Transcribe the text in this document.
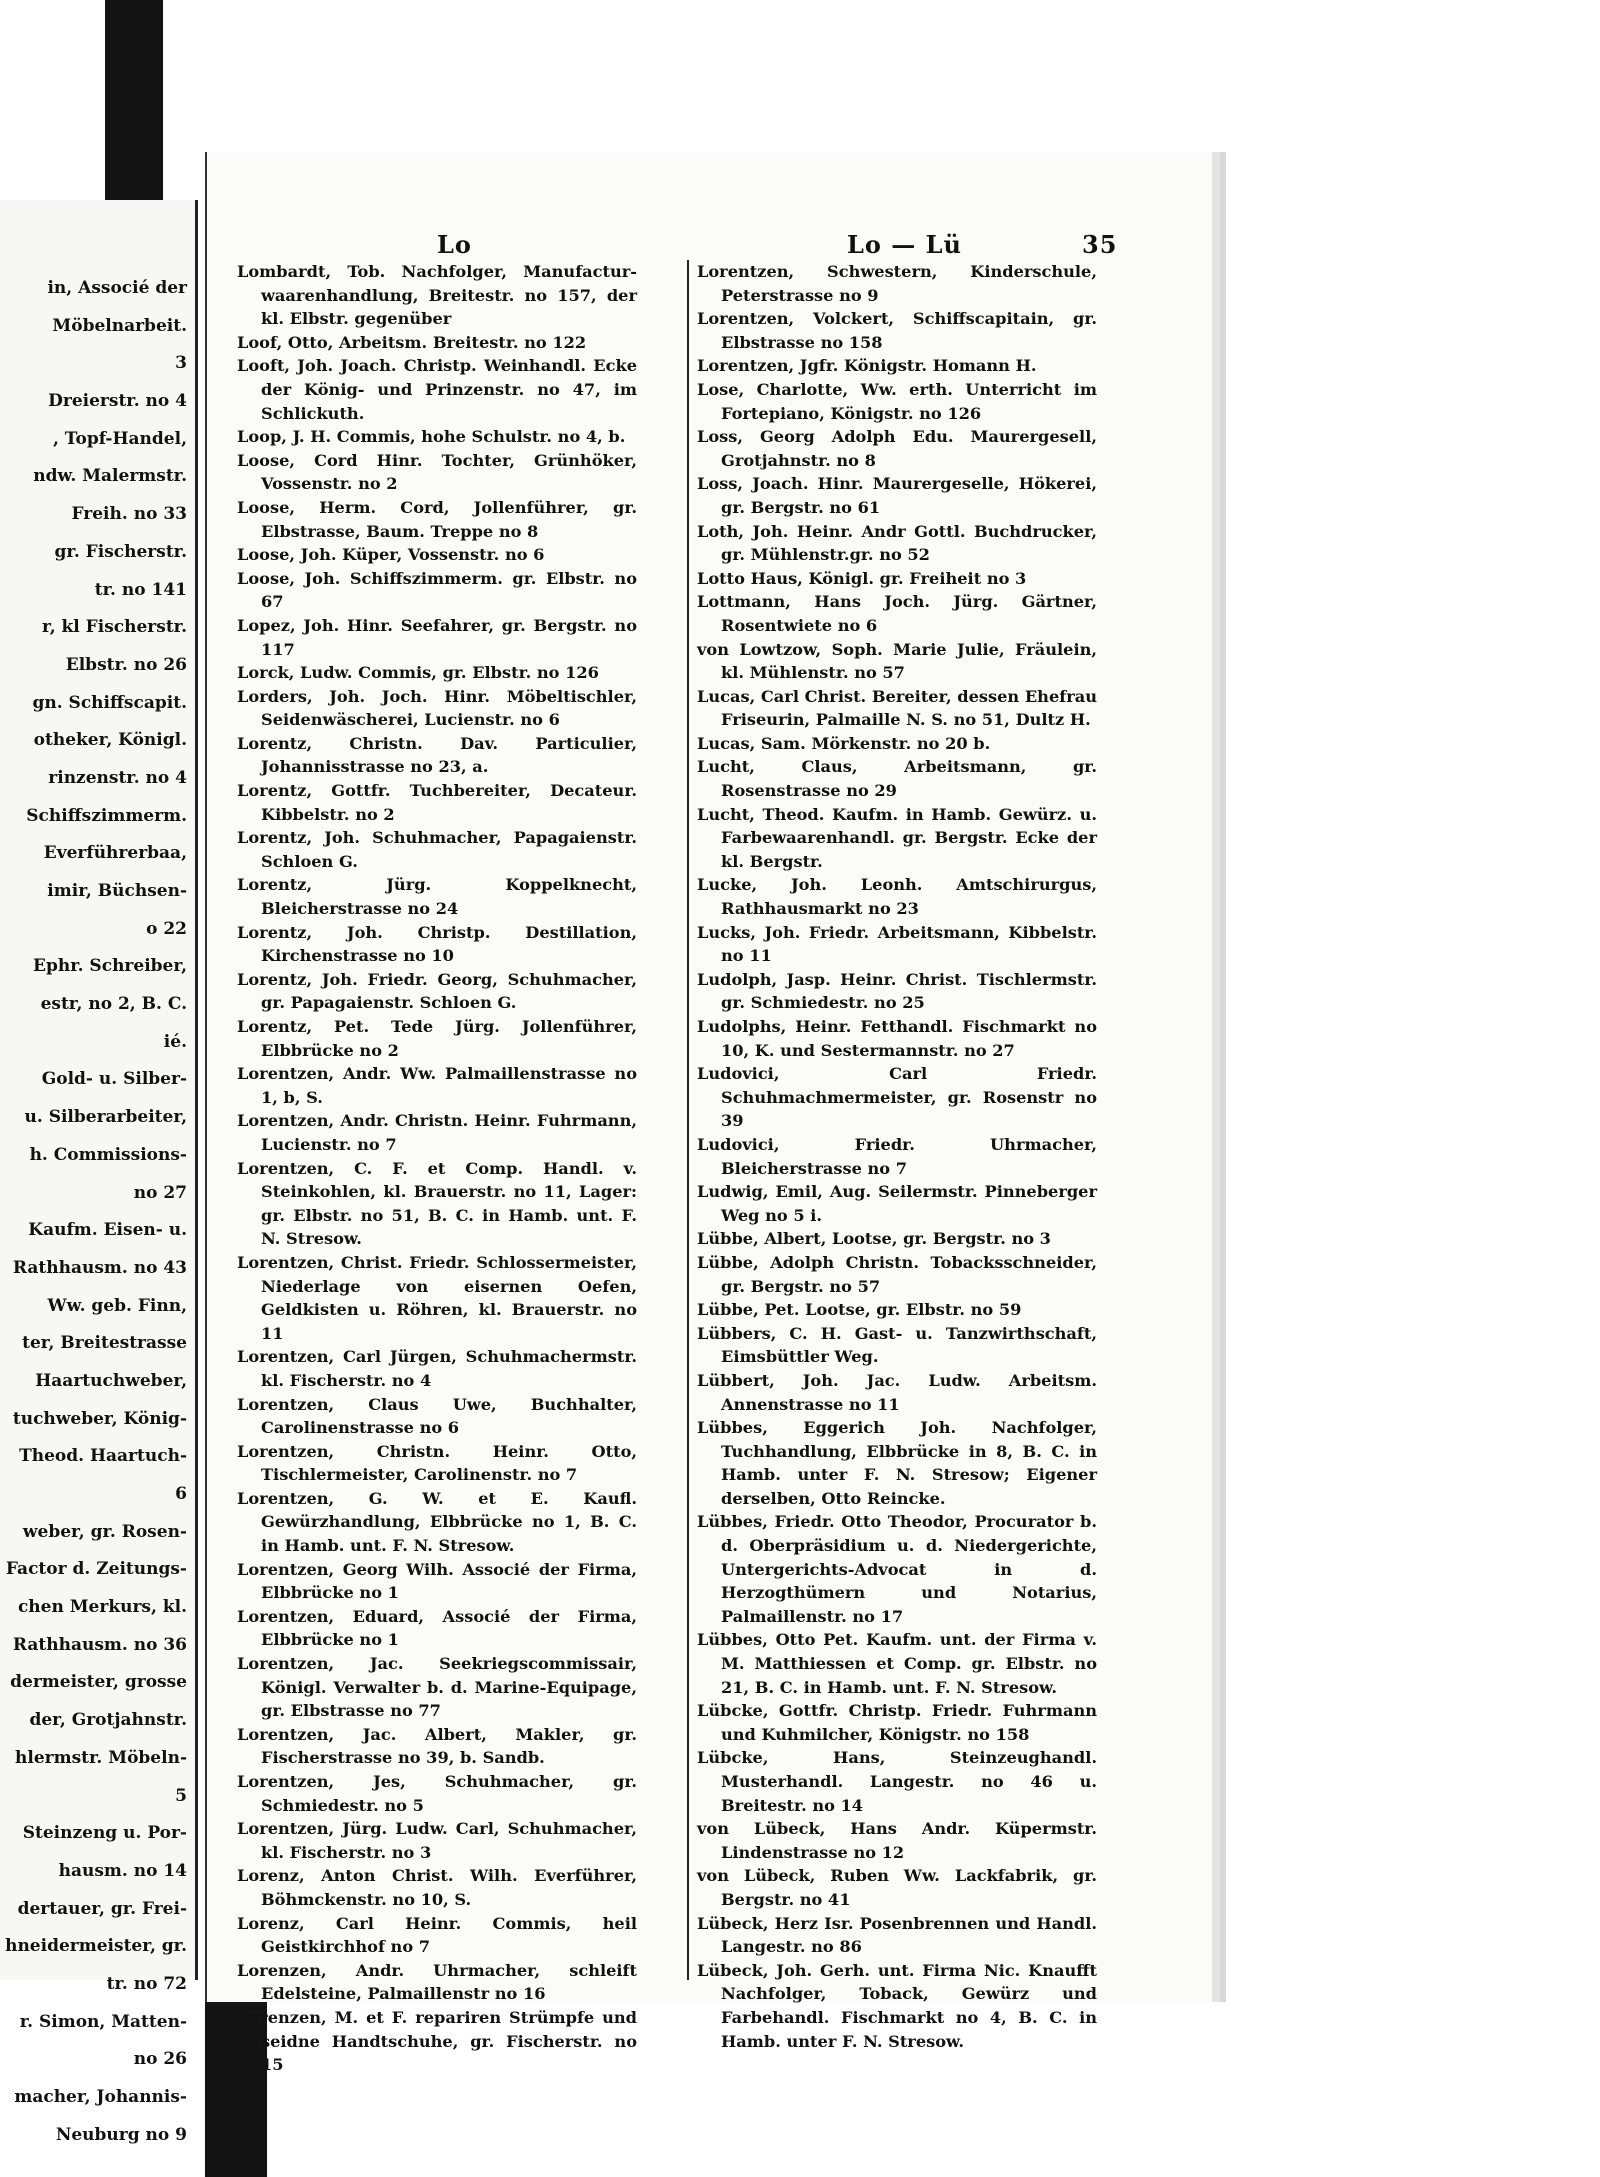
in, Associé der
Möbelnarbeit.
3
Dreierstr. no 4
, Topf-Handel,
ndw. Malermstr.
Freih. no 33
gr. Fischerstr.
tr. no 141
r, kl Fischerstr.
Elbstr. no 26
gn. Schiffscapit.
otheker, Königl.
rinzenstr. no 4
Schiffszimmerm.
Everführerbaa,
imir, Büchsen-
o 22
Ephr. Schreiber,
estr, no 2, B. C.
ié.
Gold- u. Silber-
u. Silberarbeiter,
h. Commissions-
no 27
Kaufm. Eisen- u.
Rathhausm. no 43
Ww. geb. Finn,
ter, Breitestrasse
Haartuchweber,
tuchweber, König-
Theod. Haartuch-
6
weber, gr. Rosen-
Factor d. Zeitungs-
chen Merkurs, kl.
Rathhausm. no 36
dermeister, grosse
der, Grotjahnstr.
hlermstr. Möbeln-
5
Steinzeng u. Por-
hausm. no 14
dertauer, gr. Frei-
hneidermeister, gr.
tr. no 72
r. Simon, Matten-
no 26
macher, Johannis-
Neuburg no 9
Lo	Lo — Lü	35
Lombardt, Tob. Nachfolger, Manufactur-waarenhandlung, Breitestr. no 157, der kl. Elbstr. gegenüber
Loof, Otto, Arbeitsm. Breitestr. no 122
Looft, Joh. Joach. Christp. Weinhandl. Ecke der König- und Prinzenstr. no 47, im Schlickuth.
Loop, J. H. Commis, hohe Schulstr. no 4, b.
Loose, Cord Hinr. Tochter, Grünhöker, Vossenstr. no 2
Loose, Herm. Cord, Jollenführer, gr. Elbstrasse, Baum. Treppe no 8
Loose, Joh. Küper, Vossenstr. no 6
Loose, Joh. Schiffszimmerm. gr. Elbstr. no 67
Lopez, Joh. Hinr. Seefahrer, gr. Bergstr. no 117
Lorck, Ludw. Commis, gr. Elbstr. no 126
Lorders, Joh. Joch. Hinr. Möbeltischler, Seidenwäscherei, Lucienstr. no 6
Lorentz, Christn. Dav. Particulier, Johannisstrasse no 23, a.
Lorentz, Gottfr. Tuchbereiter, Decateur. Kibbelstr. no 2
Lorentz, Joh. Schuhmacher, Papagaienstr. Schloen G.
Lorentz, Jürg. Koppelknecht, Bleicherstrasse no 24
Lorentz, Joh. Christp. Destillation, Kirchenstrasse no 10
Lorentz, Joh. Friedr. Georg, Schuhmacher, gr. Papagaienstr. Schloen G.
Lorentz, Pet. Tede Jürg. Jollenführer, Elbbrücke no 2
Lorentzen, Andr. Ww. Palmaillenstrasse no 1, b, S.
Lorentzen, Andr. Christn. Heinr. Fuhrmann, Lucienstr. no 7
Lorentzen, C. F. et Comp. Handl. v. Steinkohlen, kl. Brauerstr. no 11, Lager: gr. Elbstr. no 51, B. C. in Hamb. unt. F. N. Stresow.
Lorentzen, Christ. Friedr. Schlossermeister, Niederlage von eisernen Oefen, Geldkisten u. Röhren, kl. Brauerstr. no 11
Lorentzen, Carl Jürgen, Schuhmachermstr. kl. Fischerstr. no 4
Lorentzen, Claus Uwe, Buchhalter, Carolinenstrasse no 6
Lorentzen, Christn. Heinr. Otto, Tischlermeister, Carolinenstr. no 7
Lorentzen, G. W. et E. Kaufl. Gewürzhandlung, Elbbrücke no 1, B. C. in Hamb. unt. F. N. Stresow.
Lorentzen, Georg Wilh. Associé der Firma, Elbbrücke no 1
Lorentzen, Eduard, Associé der Firma, Elbbrücke no 1
Lorentzen, Jac. Seekriegscommissair, Königl. Verwalter b. d. Marine-Equipage, gr. Elbstrasse no 77
Lorentzen, Jac. Albert, Makler, gr. Fischerstrasse no 39, b. Sandb.
Lorentzen, Jes, Schuhmacher, gr. Schmiedestr. no 5
Lorentzen, Jürg. Ludw. Carl, Schuhmacher, kl. Fischerstr. no 3
Lorenz, Anton Christ. Wilh. Everführer, Böhmckenstr. no 10, S.
Lorenz, Carl Heinr. Commis, heil Geistkirchhof no 7
Lorenzen, Andr. Uhrmacher, schleift Edelsteine, Palmaillenstr no 16
Lorenzen, M. et F. repariren Strümpfe und seidne Handtschuhe, gr. Fischerstr. no 15
Lorentzen, Schwestern, Kinderschule, Peterstrasse no 9
Lorentzen, Volckert, Schiffscapitain, gr. Elbstrasse no 158
Lorentzen, Jgfr. Königstr. Homann H.
Lose, Charlotte, Ww. erth. Unterricht im Fortepiano, Königstr. no 126
Loss, Georg Adolph Edu. Maurergesell, Grotjahnstr. no 8
Loss, Joach. Hinr. Maurergeselle, Hökerei, gr. Bergstr. no 61
Loth, Joh. Heinr. Andr Gottl. Buchdrucker, gr. Mühlenstr.gr. no 52
Lotto Haus, Königl. gr. Freiheit no 3
Lottmann, Hans Joch. Jürg. Gärtner, Rosentwiete no 6
von Lowtzow, Soph. Marie Julie, Fräulein, kl. Mühlenstr. no 57
Lucas, Carl Christ. Bereiter, dessen Ehefrau Friseurin, Palmaille N. S. no 51, Dultz H.
Lucas, Sam. Mörkenstr. no 20 b.
Lucht, Claus, Arbeitsmann, gr. Rosenstrasse no 29
Lucht, Theod. Kaufm. in Hamb. Gewürz. u. Farbewaarenhandl. gr. Bergstr. Ecke der kl. Bergstr.
Lucke, Joh. Leonh. Amtschirurgus, Rathhausmarkt no 23
Lucks, Joh. Friedr. Arbeitsmann, Kibbelstr. no 11
Ludolph, Jasp. Heinr. Christ. Tischlermstr. gr. Schmiedestr. no 25
Ludolphs, Heinr. Fetthandl. Fischmarkt no 10, K. und Sestermannstr. no 27
Ludovici, Carl Friedr. Schuhmachmermeister, gr. Rosenstr no 39
Ludovici, Friedr. Uhrmacher, Bleicherstrasse no 7
Ludwig, Emil, Aug. Seilermstr. Pinneberger Weg no 5 i.
Lübbe, Albert, Lootse, gr. Bergstr. no 3
Lübbe, Adolph Christn. Tobacksschneider, gr. Bergstr. no 57
Lübbe, Pet. Lootse, gr. Elbstr. no 59
Lübbers, C. H. Gast- u. Tanzwirthschaft, Eimsbüttler Weg.
Lübbert, Joh. Jac. Ludw. Arbeitsm. Annenstrasse no 11
Lübbes, Eggerich Joh. Nachfolger, Tuchhandlung, Elbbrücke in 8, B. C. in Hamb. unter F. N. Stresow; Eigener derselben, Otto Reincke.
Lübbes, Friedr. Otto Theodor, Procurator b. d. Oberpräsidium u. d. Niedergerichte, Untergerichts-Advocat in d. Herzogthümern und Notarius, Palmaillenstr. no 17
Lübbes, Otto Pet. Kaufm. unt. der Firma v. M. Matthiessen et Comp. gr. Elbstr. no 21, B. C. in Hamb. unt. F. N. Stresow.
Lübcke, Gottfr. Christp. Friedr. Fuhrmann und Kuhmilcher, Königstr. no 158
Lübcke, Hans, Steinzeughandl. Musterhandl. Langestr. no 46 u. Breitestr. no 14
von Lübeck, Hans Andr. Küpermstr. Lindenstrasse no 12
von Lübeck, Ruben Ww. Lackfabrik, gr. Bergstr. no 41
Lübeck, Herz Isr. Posenbrennen und Handl. Langestr. no 86
Lübeck, Joh. Gerh. unt. Firma Nic. Knaufft Nachfolger, Toback, Gewürz und Farbehandl. Fischmarkt no 4, B. C. in Hamb. unter F. N. Stresow.
